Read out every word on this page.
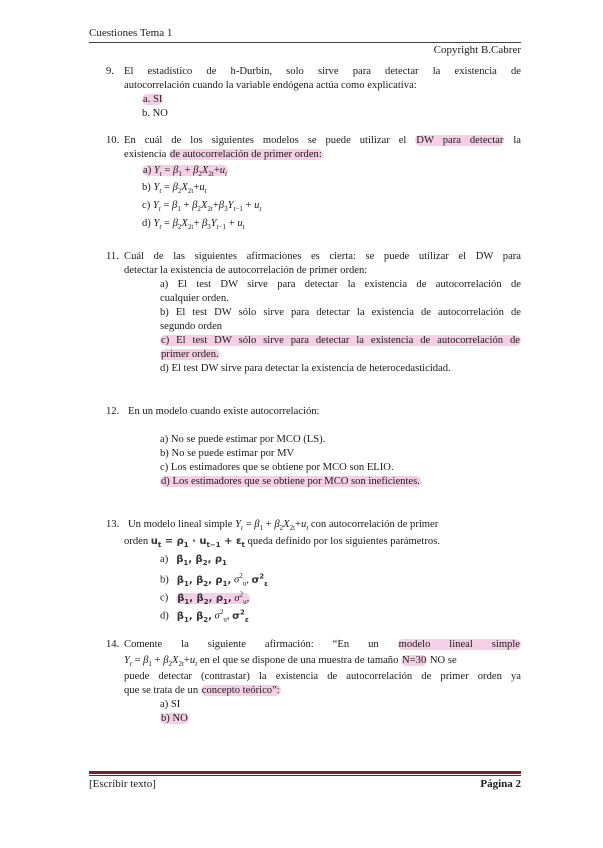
Cuestiones Tema 1
Copyright B.Cabrer
9. El estadístico de h-Durbin, solo sirve para detectar la existencia de
autocorrelación cuando la variable endógena actúa como explicativa:
a. SI
b. NO
10. En cuál de los siguientes modelos se puede utilizar el DW para detectar la
existencia de autocorrelación de primer orden:
a) $Y_t = \beta_1 + \beta_2X_{2t}+u_t$
b) $Y_t = \beta_2X_{2t}+u_t$
c) $Y_t = \beta_1 + \beta_2X_{2t}+\beta_3Y_{t-1} + u_t$
d) $Y_t = \beta_2X_{2t}+ \beta_3Y_{t-1} + u_t$
11. Cuál de las siguientes afirmaciones es cierta: se puede utilizar el DW para
detectar la existencia de autocorrelación de primer orden:
a) El test DW sirve para detectar la existencia de autocorrelación de
cualquier orden.
b) El test DW sólo sirve para detectar la existencia de autocorrelación de
segundo orden
c) El test DW sólo sirve para detectar la existencia de autocorrelación de
primer orden.
d) El test DW sirve para detectar la existencia de heterocedasticidad.
12. En un modelo cuando existe autocorrelación:
a) No se puede estimar por MCO (LS).
b) No se puede estimar por MV
c) Los estimadores que se obtiene por MCO son ELIO.
d) Los estimadores que se obtiene por MCO son ineficientes.
13. Un modelo lineal simple $Y_t = \beta_1 + \beta_2X_{2t}+u_t$ con autocorrelación de primer
orden $u_t = \rho_1 \cdot u_{t-1} + \varepsilon_t$ queda definido por los siguientes parámetros.
a) $\beta_1$, $\beta_2$, $\rho_1$
b) $\beta_1$, $\beta_2$, $\rho_1$, $\sigma^2_u$, $\sigma^2_\varepsilon$
c) $\beta_1$, $\beta_2$, $\rho_1$, $\sigma^2_u$,
d) $\beta_1$, $\beta_2$, $\sigma^2_u$, $\sigma^2_\varepsilon$
14. Comente la siguiente afirmación: “En un modelo lineal simple
$Y_t = \beta_1 + \beta_2X_{2t}+u_t$ en el que se dispone de una muestra de tamaño N=30 NO se
puede detectar (contrastar) la existencia de autocorrelación de primer orden ya
que se trata de un concepto teórico”:
a) SI
b) NO
[Escribir texto]	Página 2
